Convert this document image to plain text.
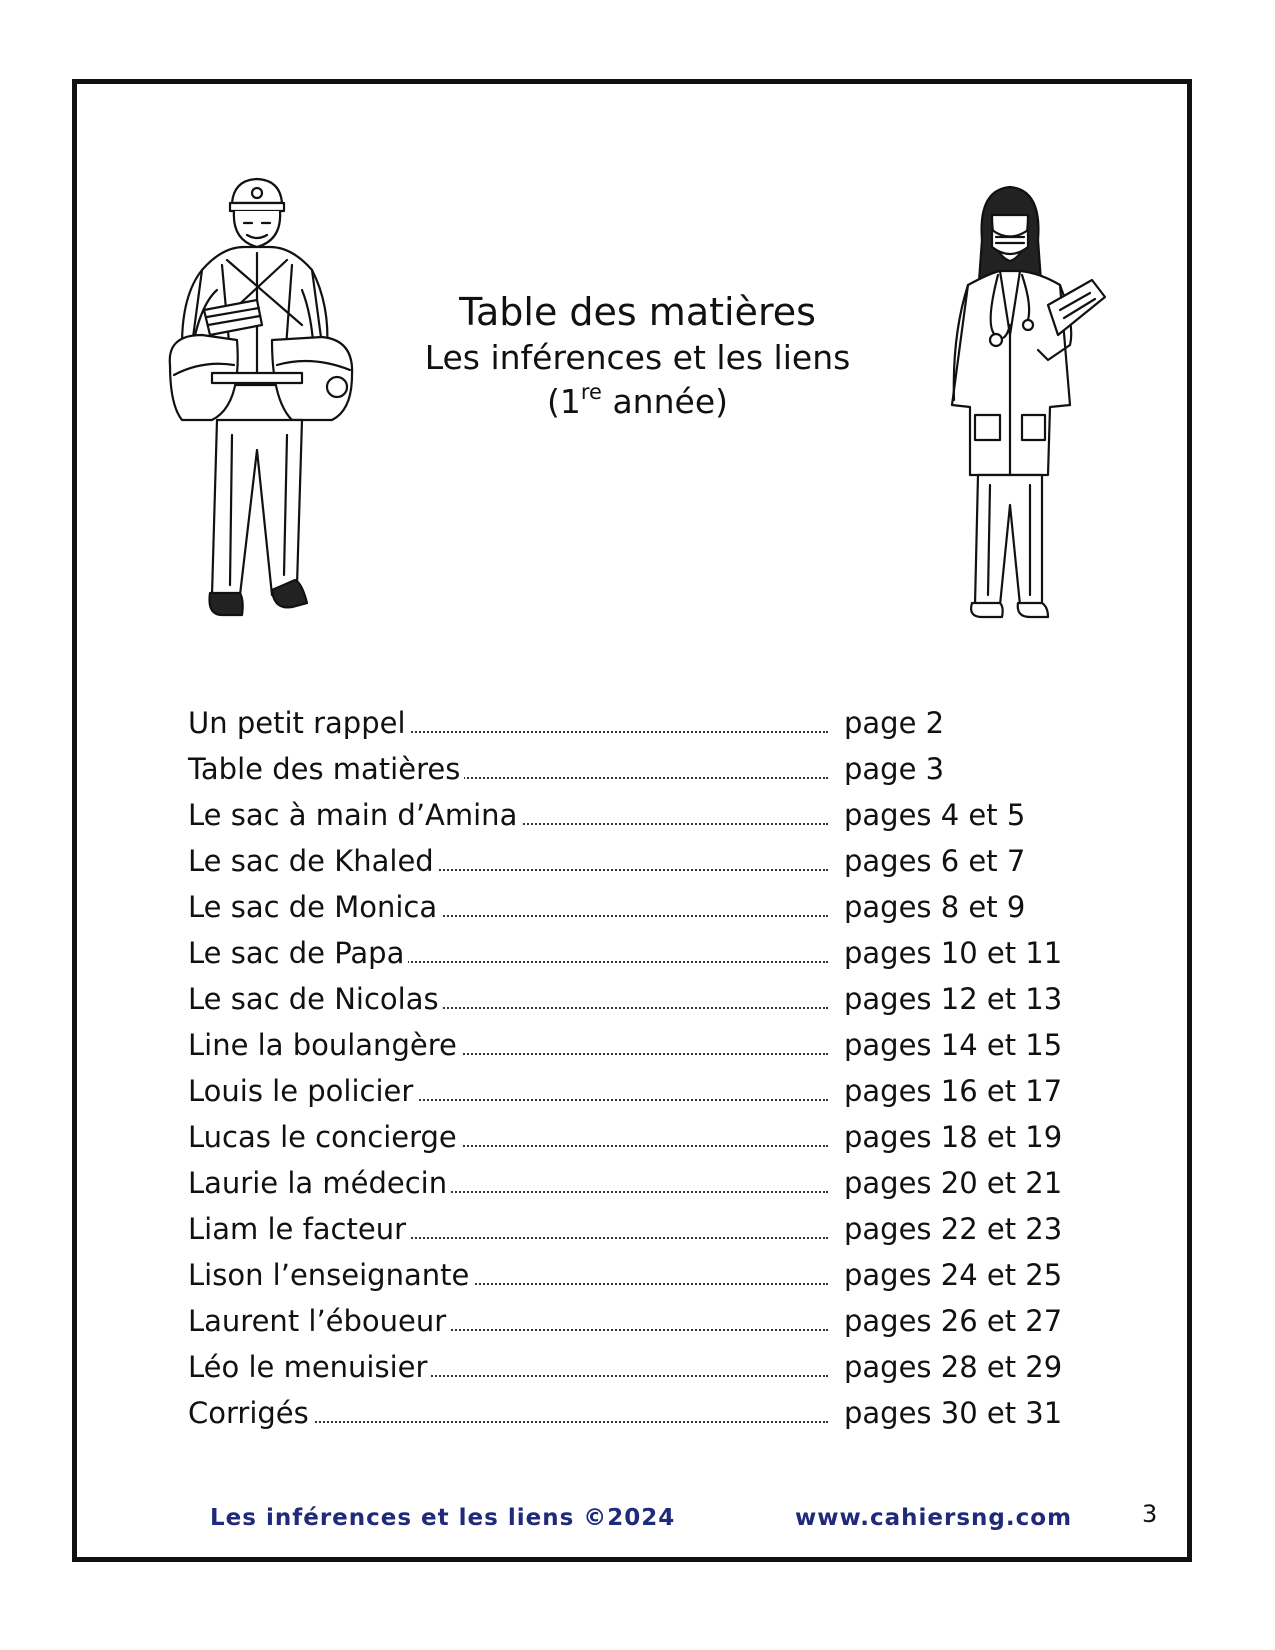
Table des matières
Les inférences et les liens
(1re année)
Un petit rappel	page 2
Table des matières	page 3
Le sac à main d’Amina	pages 4 et 5
Le sac de Khaled	pages 6 et 7
Le sac de Monica	pages 8 et 9
Le sac de Papa	pages 10 et 11
Le sac de Nicolas	pages 12 et 13
Line la boulangère	pages 14 et 15
Louis le policier	pages 16 et 17
Lucas le concierge	pages 18 et 19
Laurie la médecin	pages 20 et 21
Liam le facteur	pages 22 et 23
Lison l’enseignante	pages 24 et 25
Laurent l’éboueur	pages 26 et 27
Léo le menuisier	pages 28 et 29
Corrigés	pages 30 et 31
Les inférences et les liens ©2024	www.cahiersng.com	3
